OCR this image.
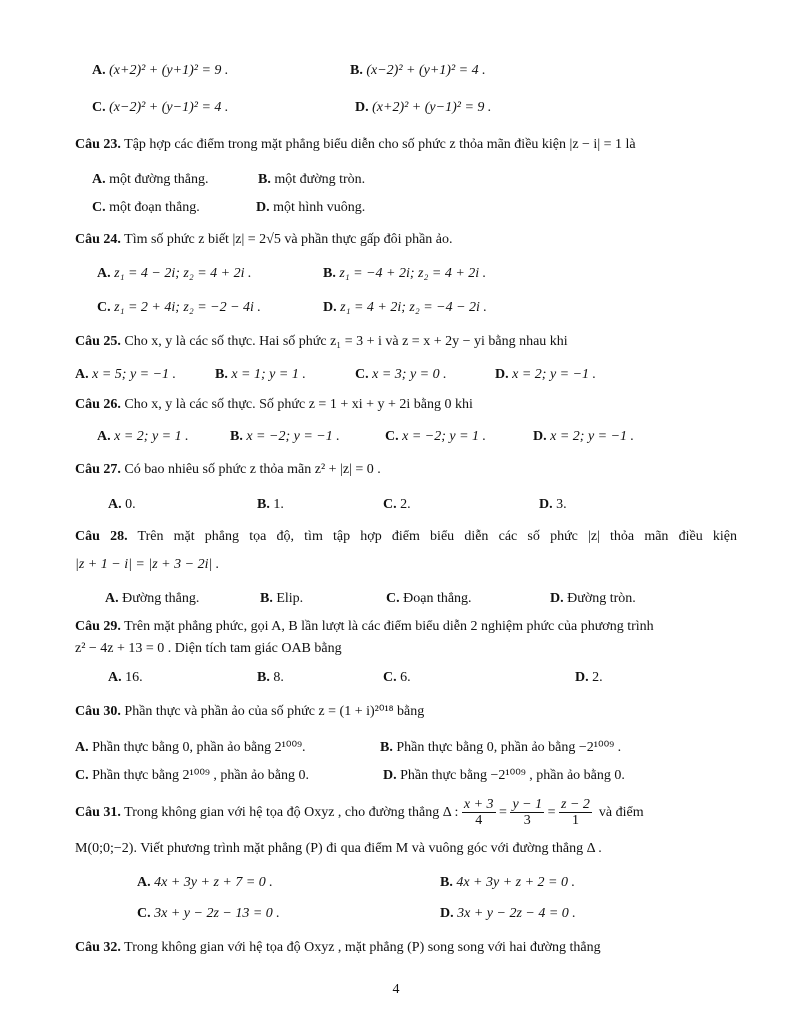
A. (x+2)² + (y+1)² = 9 .	B. (x−2)² + (y+1)² = 4 .
C. (x−2)² + (y−1)² = 4 .	D. (x+2)² + (y−1)² = 9 .
Câu 23. Tập hợp các điểm trong mặt phẳng biểu diễn cho số phức z thỏa mãn điều kiện |z − i| = 1 là
A. một đường thẳng.	B. một đường tròn.
C. một đoạn thẳng.	D. một hình vuông.
Câu 24. Tìm số phức z biết |z| = 2√5 và phần thực gấp đôi phần ảo.
A. z₁ = 4 − 2i; z₂ = 4 + 2i .	B. z₁ = −4 + 2i; z₂ = 4 + 2i .
C. z₁ = 2 + 4i; z₂ = −2 − 4i .	D. z₁ = 4 + 2i; z₂ = −4 − 2i .
Câu 25. Cho x, y là các số thực. Hai số phức z₁ = 3 + i và z = x + 2y − yi bằng nhau khi
A. x = 5; y = −1 .	B. x = 1; y = 1 .	C. x = 3; y = 0 .	D. x = 2; y = −1 .
Câu 26. Cho x, y là các số thực. Số phức z = 1 + xi + y + 2i bằng 0 khi
A. x = 2; y = 1 .	B. x = −2; y = −1 .	C. x = −2; y = 1 .	D. x = 2; y = −1 .
Câu 27. Có bao nhiêu số phức z thỏa mãn z² + |z| = 0 .
A. 0.	B. 1.	C. 2.	D. 3.
Câu 28. Trên mặt phẳng tọa độ, tìm tập hợp điểm biểu diễn các số phức |z| thỏa mãn điều kiện
|z + 1 − i| = |z + 3 − 2i| .
A. Đường thẳng.	B. Elip.	C. Đoạn thẳng.	D. Đường tròn.
Câu 29. Trên mặt phẳng phức, gọi A, B lần lượt là các điểm biểu diễn 2 nghiệm phức của phương trình
z² − 4z + 13 = 0 . Diện tích tam giác OAB bằng
A. 16.	B. 8.	C. 6.	D. 2.
Câu 30. Phần thực và phần ảo của số phức z = (1 + i)²⁰¹⁸ bằng
A. Phần thực bằng 0, phần ảo bằng 2¹⁰⁰⁹.	B. Phần thực bằng 0, phần ảo bằng −2¹⁰⁰⁹ .
C. Phần thực bằng 2¹⁰⁰⁹ , phần ảo bằng 0.	D. Phần thực bằng −2¹⁰⁰⁹ , phần ảo bằng 0.
Câu 31. Trong không gian với hệ tọa độ Oxyz , cho đường thẳng Δ : $\frac{x + 3}{4} = \frac{y - 1}{3} = \frac{z - 2}{1}$ và điểm
M(0;0;−2). Viết phương trình mặt phẳng (P) đi qua điểm M và vuông góc với đường thẳng Δ .
A. 4x + 3y + z + 7 = 0 .	B. 4x + 3y + z + 2 = 0 .
C. 3x + y − 2z − 13 = 0 .	D. 3x + y − 2z − 4 = 0 .
Câu 32. Trong không gian với hệ tọa độ Oxyz , mặt phẳng (P) song song với hai đường thẳng
4
